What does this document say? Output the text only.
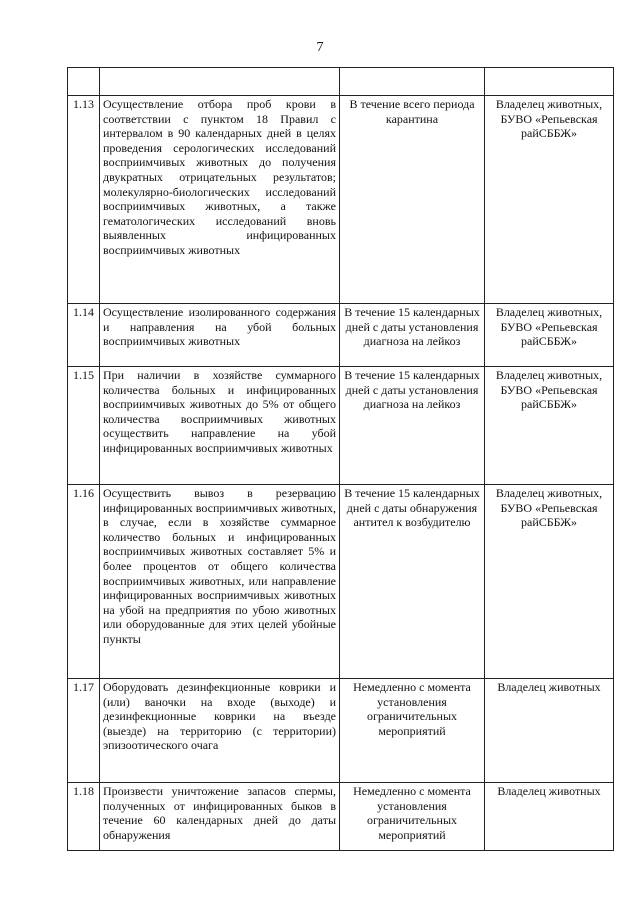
7

1.13	Осуществление отбора проб крови в соответствии с пунктом 18 Правил с интервалом в 90 календарных дней в целях проведения серологических исследований восприимчивых животных до получения двукратных отрицательных результатов; молекулярно-биологических исследований восприимчивых животных, а также гематологических исследований вновь выявленных инфицированных восприимчивых животных	В течение всего периода карантина	Владелец животных, БУВО «Репьевская райСББЖ»

1.14	Осуществление изолированного содержания и направления на убой больных восприимчивых животных	В течение 15 календарных дней с даты установления диагноза на лейкоз	Владелец животных, БУВО «Репьевская райСББЖ»

1.15	При наличии в хозяйстве суммарного количества больных и инфицированных восприимчивых животных до 5% от общего количества восприимчивых животных осуществить направление на убой инфицированных восприимчивых животных	В течение 15 календарных дней с даты установления диагноза на лейкоз	Владелец животных, БУВО «Репьевская райСББЖ»

1.16	Осуществить вывоз в резервацию инфицированных восприимчивых животных, в случае, если в хозяйстве суммарное количество больных и инфицированных восприимчивых животных составляет 5% и более процентов от общего количества восприимчивых животных, или направление инфицированных восприимчивых животных на убой на предприятия по убою животных или оборудованные для этих целей убойные пункты	В течение 15 календарных дней с даты обнаружения антител к возбудителю	Владелец животных, БУВО «Репьевская райСББЖ»

1.17	Оборудовать дезинфекционные коврики и (или) ваночки на входе (выходе) и дезинфекционные коврики на въезде (выезде) на территорию (с территории) эпизоотического очага	Немедленно с момента установления ограничительных мероприятий	Владелец животных

1.18	Произвести уничтожение запасов спермы, полученных от инфицированных быков в течение 60 календарных дней до даты обнаружения	Немедленно с момента установления ограничительных мероприятий	Владелец животных
